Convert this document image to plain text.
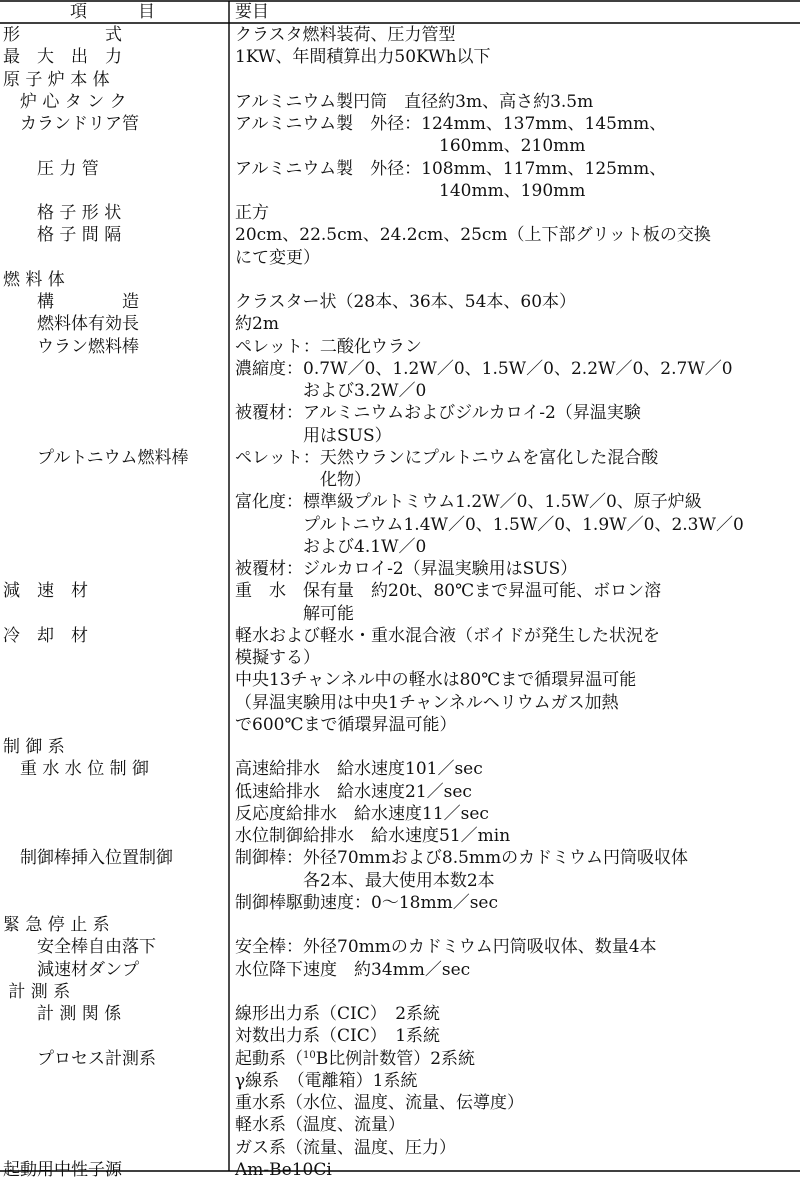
項　　　目	要目
形　　　　　式	クラスタ燃料装荷、圧力管型
最　大　出　力	1KW、年間積算出力50KWh以下
原 子 炉 本 体
　炉 心 タ ン ク	アルミニウム製円筒　直径約3m、高さ約3.5m
　カランドリア管	アルミニウム製　外径：124mm、137mm、145mm、
　　　　　　　　　　　　160mm、210mm
　　圧 力 管	アルミニウム製　外径：108mm、117mm、125mm、
　　　　　　　　　　　　140mm、190mm
　　格 子 形 状	正方
　　格 子 間 隔	20cm、22.5cm、24.2cm、25cm（上下部グリット板の交換
にて変更）
燃 料 体
　　構　　　　造	クラスター状（28本、36本、54本、60本）
　　燃料体有効長	約2m
　　ウラン燃料棒	ペレット：二酸化ウラン
濃縮度：0.7W／0、1.2W／0、1.5W／0、2.2W／0、2.7W／0
　　　　および3.2W／0
被覆材：アルミニウムおよびジルカロイ-2（昇温実験
　　　　用はSUS）
　　プルトニウム燃料棒	ペレット：天然ウランにプルトニウムを富化した混合酸
　　　　　化物）
富化度：標準級プルトミウム1.2W／0、1.5W／0、原子炉級
　　　　プルトニウム1.4W／0、1.5W／0、1.9W／0、2.3W／0
　　　　および4.1W／0
被覆材：ジルカロイ-2（昇温実験用はSUS）
減　速　材	重　水　保有量　約20t、80℃まで昇温可能、ボロン溶
　　　　解可能
冷　却　材	軽水および軽水・重水混合液（ボイドが発生した状況を
模擬する）
中央13チャンネル中の軽水は80℃まで循環昇温可能
（昇温実験用は中央1チャンネルヘリウムガス加熱
で600℃まで循環昇温可能）
制 御 系
　重 水 水 位 制 御	高速給排水　給水速度101／sec
低速給排水　給水速度21／sec
反応度給排水　給水速度11／sec
水位制御給排水　給水速度51／min
　制御棒挿入位置制御	制御棒：外径70mmおよび8.5mmのカドミウム円筒吸収体
　　　　各2本、最大使用本数2本
制御棒駆動速度：0〜18mm／sec
緊 急 停 止 系
　　安全棒自由落下	安全棒：外径70mmのカドミウム円筒吸収体、数量4本
　　減速材ダンプ	水位降下速度　約34mm／sec
計 測 系
　　計 測 関 係	線形出力系（CIC）　2系統
対数出力系（CIC）　1系統
　　プロセス計測系	起動系（$^{10}$B比例計数管）2系統
γ線系　（電離箱）1系統
重水系（水位、温度、流量、伝導度）
軽水系（温度、流量）
ガス系（流量、温度、圧力）
起動用中性子源	Am-Be10Ci
